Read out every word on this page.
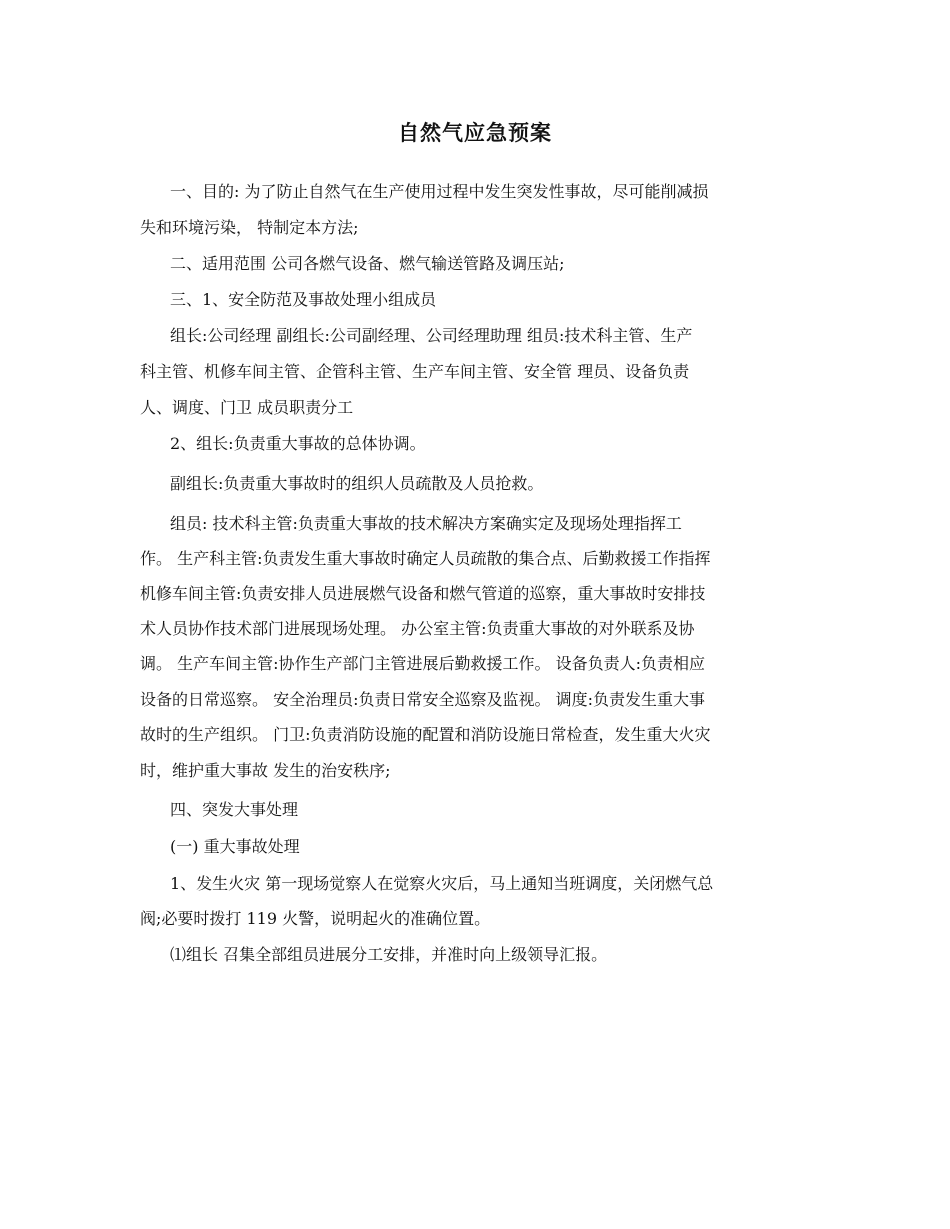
自然气应急预案
一、目的: 为了防止自然气在生产使用过程中发生突发性事故，尽可能削减损
失和环境污染， 特制定本方法;
二、适用范围 公司各燃气设备、燃气输送管路及调压站;
三、1、安全防范及事故处理小组成员
组长:公司经理 副组长:公司副经理、公司经理助理 组员:技术科主管、生产
科主管、机修车间主管、企管科主管、生产车间主管、安全管 理员、设备负责
人、调度、门卫 成员职责分工
2、组长:负责重大事故的总体协调。
副组长:负责重大事故时的组织人员疏散及人员抢救。
组员: 技术科主管:负责重大事故的技术解决方案确实定及现场处理指挥工
作。 生产科主管:负责发生重大事故时确定人员疏散的集合点、后勤救援工作指挥
机修车间主管:负责安排人员进展燃气设备和燃气管道的巡察，重大事故时安排技
术人员协作技术部门进展现场处理。 办公室主管:负责重大事故的对外联系及协
调。 生产车间主管:协作生产部门主管进展后勤救援工作。 设备负责人:负责相应
设备的日常巡察。 安全治理员:负责日常安全巡察及监视。 调度:负责发生重大事
故时的生产组织。 门卫:负责消防设施的配置和消防设施日常检查，发生重大火灾
时，维护重大事故 发生的治安秩序;
四、突发大事处理
(一) 重大事故处理
1、发生火灾 第一现场觉察人在觉察火灾后，马上通知当班调度，关闭燃气总
阀;必要时拨打 119 火警，说明起火的准确位置。
⑴组长 召集全部组员进展分工安排，并准时向上级领导汇报。
